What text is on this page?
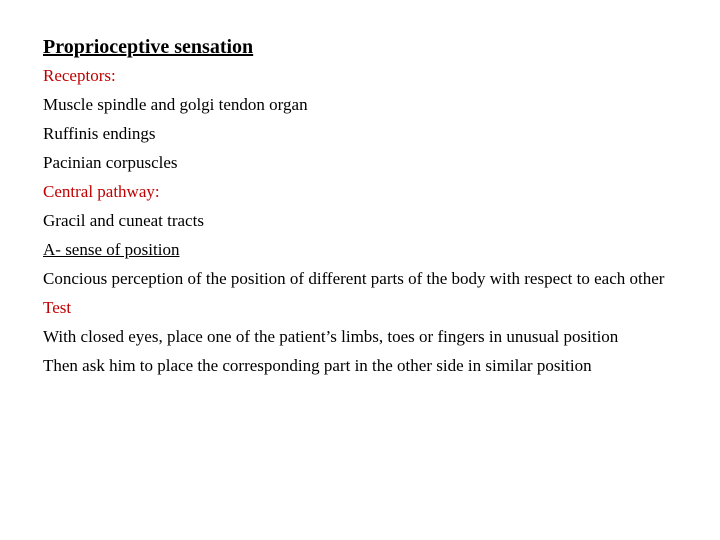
Proprioceptive sensation
Receptors:
Muscle spindle and golgi tendon organ
Ruffinis endings
Pacinian corpuscles
Central pathway:
Gracil and cuneat tracts
A- sense of position
Concious perception of the position of different parts of the body with respect to each other
Test
With closed eyes, place one of the patient’s limbs, toes or fingers in unusual position
Then ask him to place the corresponding part in the other side in similar position
